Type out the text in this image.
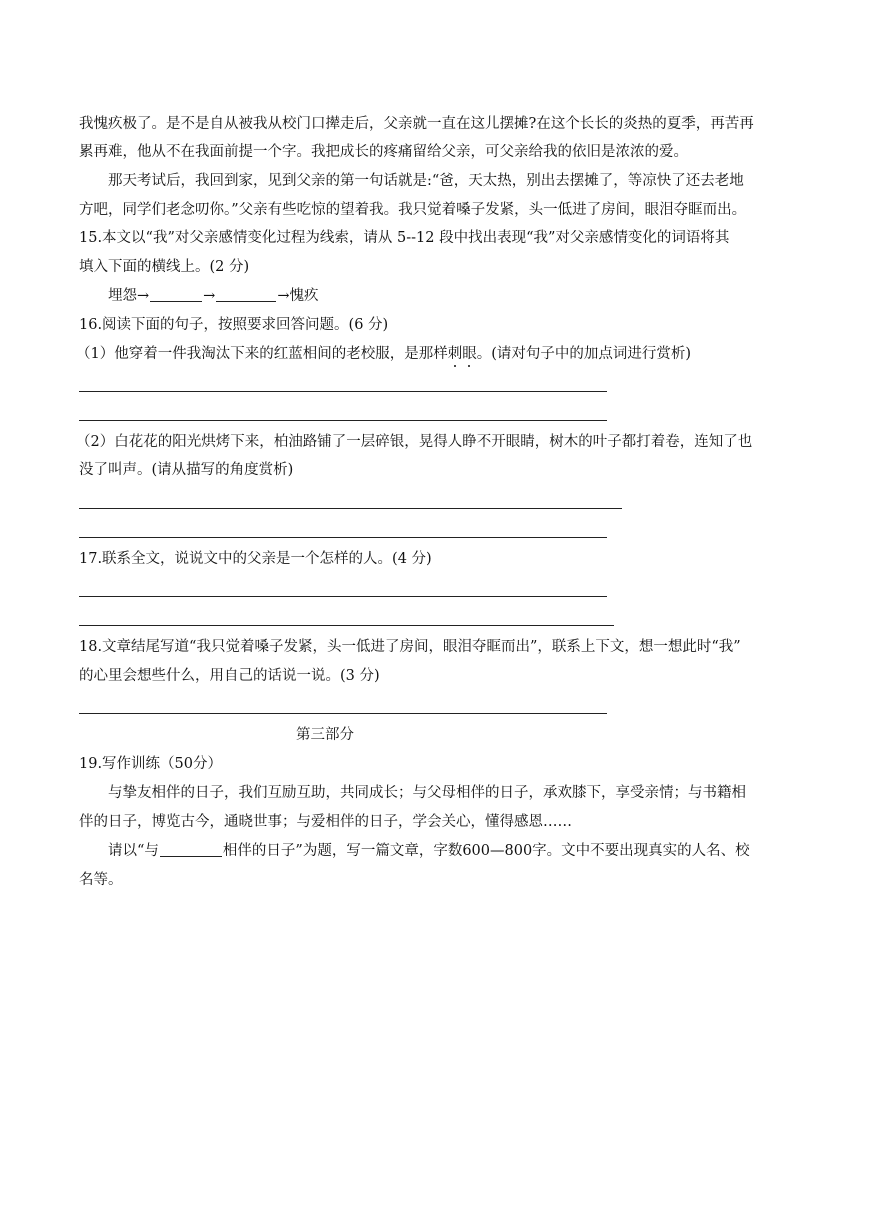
我愧疚极了。是不是自从被我从校门口撵走后，父亲就一直在这儿摆摊?在这个长长的炎热的夏季，再苦再
累再难，他从不在我面前提一个字。我把成长的疼痛留给父亲，可父亲给我的依旧是浓浓的爱。
那天考试后，我回到家，见到父亲的第一句话就是:“爸，天太热，别出去摆摊了，等凉快了还去老地
方吧，同学们老念叨你。”父亲有些吃惊的望着我。我只觉着嗓子发紧，头一低进了房间，眼泪夺眶而出。
15.本文以“我”对父亲感情变化过程为线索，请从 5--12 段中找出表现“我”对父亲感情变化的词语将其
填入下面的横线上。(2 分)
埋怨→	→	→愧疚
16.阅读下面的句子，按照要求回答问题。(6 分)
（1）他穿着一件我淘汰下来的红蓝相间的老校服，是那样刺眼。(请对句子中的加点词进行赏析)
（2）白花花的阳光烘烤下来，柏油路铺了一层碎银，晃得人睁不开眼睛，树木的叶子都打着卷，连知了也
没了叫声。(请从描写的角度赏析)
17.联系全文，说说文中的父亲是一个怎样的人。(4 分)
18.文章结尾写道“我只觉着嗓子发紧，头一低进了房间，眼泪夺眶而出”，联系上下文，想一想此时“我”
的心里会想些什么，用自己的话说一说。(3 分)
第三部分
19.写作训练（50分）
与挚友相伴的日子，我们互励互助，共同成长；与父母相伴的日子，承欢膝下，享受亲情；与书籍相
伴的日子，博览古今，通晓世事；与爱相伴的日子，学会关心，懂得感恩……
请以“与	相伴的日子”为题，写一篇文章，字数600—800字。文中不要出现真实的人名、校
名等。
